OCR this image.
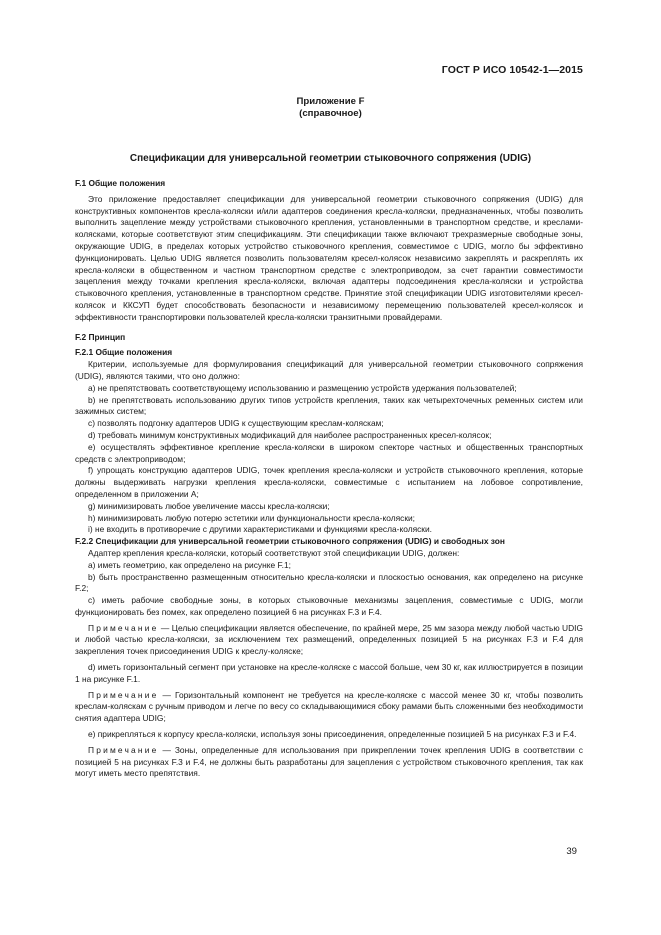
ГОСТ Р ИСО 10542-1—2015
Приложение F
(справочное)
Спецификации для универсальной геометрии стыковочного сопряжения (UDIG)

F.1 Общие положения

Это приложение предоставляет спецификации для универсальной геометрии стыковочного сопряжения (UDIG) для конструктивных компонентов кресла-коляски и/или адаптеров соединения кресла-коляски, предназначенных, чтобы позволить выполнить зацепление между устройствами стыковочного крепления, установленными в транспортном средстве, и креслами-колясками, которые соответствуют этим спецификациям. Эти спецификации также включают трехразмерные свободные зоны, окружающие UDIG, в пределах которых устройство стыковочного крепления, совместимое с UDIG, могло бы эффективно функционировать. Целью UDIG является позволить пользователям кресел-колясок независимо закреплять и раскреплять их кресла-коляски в общественном и частном транспортном средстве с электроприводом, за счет гарантии совместимости зацепления между точками крепления кресла-коляски, включая адаптеры подсоединения кресла-коляски и устройства стыковочного крепления, установленные в транспортном средстве. Принятие этой спецификации UDIG изготовителями кресел-колясок и ККСУП будет способствовать безопасности и независимому перемещению пользователей кресел-колясок и эффективности транспортировки пользователей кресла-коляски транзитными провайдерами.

F.2 Принцип

F.2.1 Общие положения

Критерии, используемые для формулирования спецификаций для универсальной геометрии стыковочного сопряжения (UDIG), являются такими, что оно должно:

a) не препятствовать соответствующему использованию и размещению устройств удержания пользователей;

b) не препятствовать использованию других типов устройств крепления, таких как четырехточечных ременных систем или зажимных систем;

c) позволять подгонку адаптеров UDIG к существующим креслам-коляскам;

d) требовать минимум конструктивных модификаций для наиболее распространенных кресел-колясок;

e) осуществлять эффективное крепление кресла-коляски в широком спекторе частных и общественных транспортных средств с электроприводом;

f) упрощать конструкцию адаптеров UDIG, точек крепления кресла-коляски и устройств стыковочного крепления, которые должны выдерживать нагрузки крепления кресла-коляски, совместимые с испытанием на лобовое сопротивление, определенном в приложении A;

g) минимизировать любое увеличение массы кресла-коляски;

h) минимизировать любую потерю эстетики или функциональности кресла-коляски;

i) не входить в противоречие с другими характеристиками и функциями кресла-коляски.

F.2.2 Спецификации для универсальной геометрии стыковочного сопряжения (UDIG) и свободных зон

Адаптер крепления кресла-коляски, который соответствуют этой спецификации UDIG, должен:

a) иметь геометрию, как определено на рисунке F.1;

b) быть пространственно размещенным относительно кресла-коляски и плоскостью основания, как определено на рисунке F.2;

c) иметь рабочие свободные зоны, в которых стыковочные механизмы зацепления, совместимые с UDIG, могли функционировать без помех, как определено позицией 6 на рисунках F.3 и F.4.

Примечание — Целью спецификации является обеспечение, по крайней мере, 25 мм зазора между любой частью UDIG и любой частью кресла-коляски, за исключением тех размещений, определенных позицией 5 на рисунках F.3 и F.4 для закрепления точек присоединения UDIG к креслу-коляске;

d) иметь горизонтальный сегмент при установке на кресле-коляске с массой больше, чем 30 кг, как иллюстрируется в позиции 1 на рисунке F.1.

Примечание — Горизонтальный компонент не требуется на кресле-коляске с массой менее 30 кг, чтобы позволить креслам-коляскам с ручным приводом и легче по весу со складывающимися сбоку рамами быть сложенными без необходимости снятия адаптера UDIG;

e) прикрепляться к корпусу кресла-коляски, используя зоны присоединения, определенные позицией 5 на рисунках F.3 и F.4.

Примечание — Зоны, определенные для использования при прикреплении точек крепления UDIG в соответствии с позицией 5 на рисунках F.3 и F.4, не должны быть разработаны для зацепления с устройством стыковочного крепления, так как могут иметь место препятствия.

39
